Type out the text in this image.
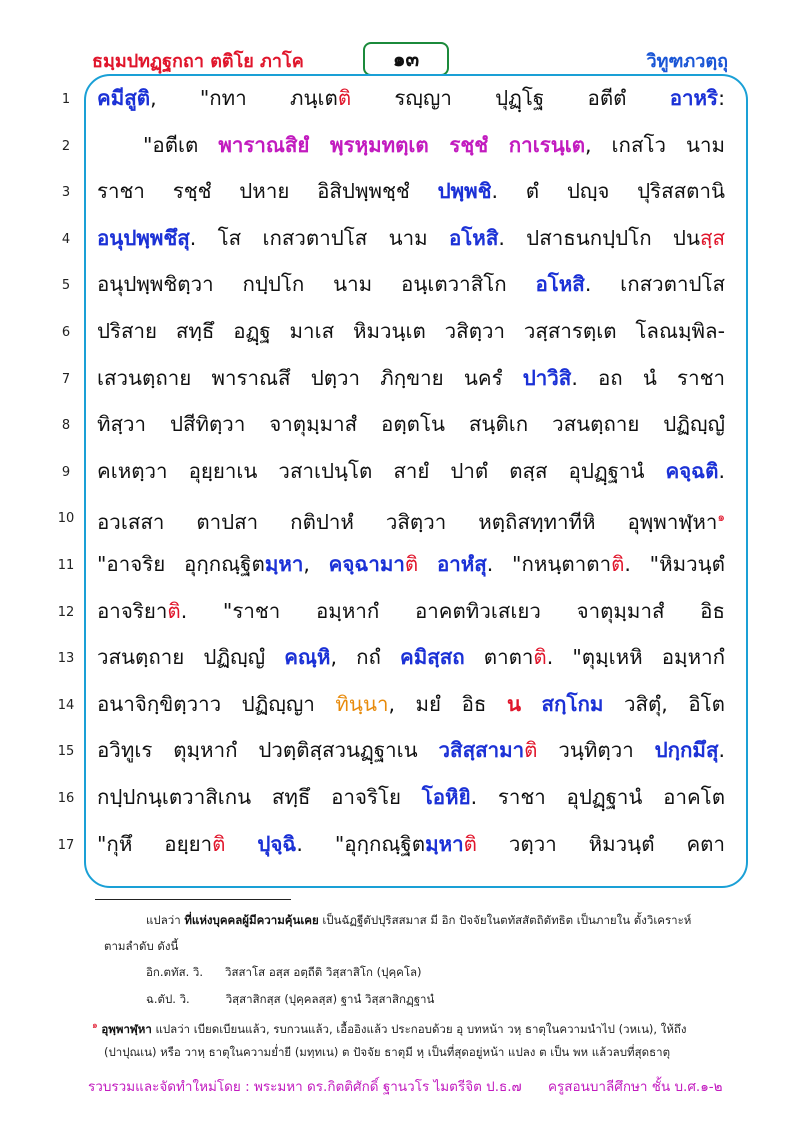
ธมฺมปทฏฺฐกถา ตติโย ภาโค	๑๓	วิทูฑภวตฺถุ
1	คมีสูติ, "กทา ภนฺเตติ รญฺญา ปุฏฺโฐ อตีตํ อาหริ:
2	"อตีเต พาราณสิยํ พฺรหฺมทตฺเต รชฺชํ กาเรนฺเต, เกสโว นาม
3	ราชา รชฺชํ ปหาย อิสิปพฺพชฺชํ ปพฺพชิ. ตํ ปญฺจ ปุริสสตานิ
4	อนุปพฺพชึสุ. โส เกสวตาปโส นาม อโหสิ. ปสาธนกปฺปโก ปนสฺส
5	อนุปพฺพชิตฺวา กปฺปโก นาม อนฺเตวาสิโก อโหสิ. เกสวตาปโส
6	ปริสาย สทฺธึ อฏฺฐ มาเส หิมวนฺเต วสิตฺวา วสฺสารตฺเต โลณมฺพิล-
7	เสวนตฺถาย พาราณสึ ปตฺวา ภิกฺขาย นครํ ปาวิสิ. อถ นํ ราชา
8	ทิสฺวา ปสีทิตฺวา จาตุมฺมาสํ อตฺตโน สนฺติเก วสนตฺถาย ปฏิญฺญํ
9	คเหตฺวา อุยฺยาเน วสาเปนฺโต สายํ ปาตํ ตสฺส อุปฏฺฐานํ คจฺฉติ.
10	อวเสสา ตาปสา กติปาหํ วสิตฺวา หตฺถิสทฺทาทีหิ อุพฺพาฬฺหา$^๑$
11	"อาจริย อุกฺกณฺฐิตมฺหา, คจฺฉามาติ อาหํสุ. "กหนฺตาตาติ. "หิมวนฺตํ
12	อาจริยาติ. "ราชา อมฺหากํ อาคตทิวเสเยว จาตุมฺมาสํ อิธ
13	วสนตฺถาย ปฏิญฺญํ คณฺหิ, กถํ คมิสฺสถ ตาตาติ. "ตุมฺเหหิ อมฺหากํ
14	อนาจิกฺขิตฺวาว ปฏิญฺญา ทินฺนา, มยํ อิธ น สกฺโกม วสิตุํ, อิโต
15	อวิทูเร ตุมฺหากํ ปวตฺติสฺสวนฏฺฐาเน วสิสฺสามาติ วนฺทิตฺวา ปกฺกมึสุ.
16	กปฺปกนฺเตวาสิเกน สทฺธึ อาจริโย โอหิยิ. ราชา อุปฏฺฐานํ อาคโต
17	"กุหึ อยฺยาติ ปุจฺฉิ. "อุกฺกณฺฐิตมฺหาติ วตฺวา หิมวนฺตํ คตา
แปลว่า ที่แห่งบุคคลผู้มีความคุ้นเคย เป็นฉัฏฐีตัปปุริสสมาส มี อิก ปัจจัยในตทัสสัตถิตัทธิต เป็นภายใน ตั้งวิเคราะห์
ตามลำดับ ดังนี้
อิก.ตทัส. วิ. วิสสาโส อสฺส อตฺถีติ วิสฺสาสิโก (ปุคฺคโล)
ฉ.ตัป. วิ.	วิสฺสาสิกสฺส (ปุคฺคลสฺส) ฐานํ วิสฺสาสิกฏฺฐานํ
$^๑$ อุพฺพาฬฺหา แปลว่า เบียดเบียนแล้ว, รบกวนแล้ว, เอื้ออิงแล้ว ประกอบด้วย อุ บทหน้า วหฺ ธาตุในความนำไป (วหเน), ให้ถึง
(ปาปุณเน) หรือ วาหฺ ธาตุในความย่ำยี (มทฺทเน) ต ปัจจัย ธาตุมี หฺ เป็นที่สุดอยู่หน้า แปลง ต เป็น พห แล้วลบที่สุดธาตุ
รวบรวมและจัดทำใหม่โดย : พระมหา ดร.กิตติศักดิ์ ฐานวโร ไมตรีจิต ป.ธ.๗ ครูสอนบาลีศึกษา ชั้น บ.ศ.๑-๒
